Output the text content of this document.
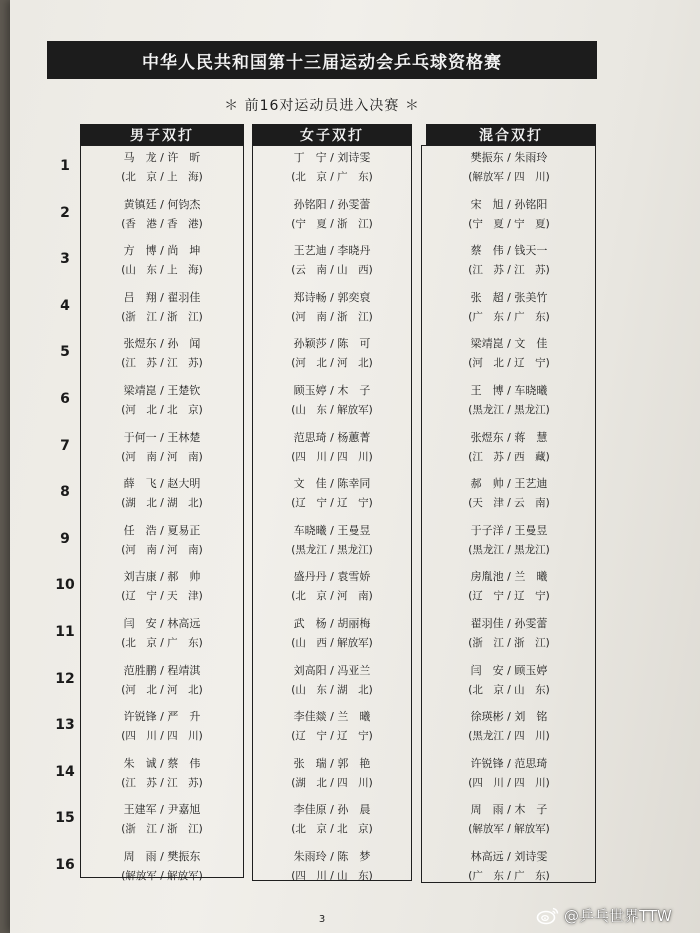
中华人民共和国第十三届运动会乒乓球资格赛
＊ 前16对运动员进入决赛 ＊
男子双打	女子双打	混合双打
1
马　龙 / 许　昕
(北　京 / 上　海)
丁　宁 / 刘诗雯
(北　京 / 广　东)
樊振东 / 朱雨玲
(解放军 / 四　川)
2
黄镇廷 / 何钧杰
(香　港 / 香　港)
孙铭阳 / 孙雯蕾
(宁　夏 / 浙　江)
宋　旭 / 孙铭阳
(宁　夏 / 宁　夏)
3
方　博 / 尚　坤
(山　东 / 上　海)
王艺迪 / 李晓丹
(云　南 / 山　西)
蔡　伟 / 钱天一
(江　苏 / 江　苏)
4
吕　翔 / 翟羽佳
(浙　江 / 浙　江)
郑诗畅 / 郭奕裒
(河　南 / 浙　江)
张　超 / 张美竹
(广　东 / 广　东)
5
张煜东 / 孙　闻
(江　苏 / 江　苏)
孙颖莎 / 陈　可
(河　北 / 河　北)
梁靖崑 / 文　佳
(河　北 / 辽　宁)
6
梁靖崑 / 王楚钦
(河　北 / 北　京)
顾玉婷 / 木　子
(山　东 / 解放军)
王　博 / 车晓曦
(黑龙江 / 黑龙江)
7
于何一 / 王林楚
(河　南 / 河　南)
范思琦 / 杨蕙菁
(四　川 / 四　川)
张煜东 / 蒋　慧
(江　苏 / 西　藏)
8
薛　飞 / 赵大明
(湖　北 / 湖　北)
文　佳 / 陈幸同
(辽　宁 / 辽　宁)
郝　帅 / 王艺迪
(天　津 / 云　南)
9
任　浩 / 夏易正
(河　南 / 河　南)
车晓曦 / 王曼昱
(黑龙江 / 黑龙江)
于子洋 / 王曼昱
(黑龙江 / 黑龙江)
10
刘吉康 / 郝　帅
(辽　宁 / 天　津)
盛丹丹 / 袁雪娇
(北　京 / 河　南)
房胤池 / 兰　曦
(辽　宁 / 辽　宁)
11
闫　安 / 林高远
(北　京 / 广　东)
武　杨 / 胡丽梅
(山　西 / 解放军)
翟羽佳 / 孙雯蕾
(浙　江 / 浙　江)
12
范胜鹏 / 程靖淇
(河　北 / 河　北)
刘高阳 / 冯亚兰
(山　东 / 湖　北)
闫　安 / 顾玉婷
(北　京 / 山　东)
13
许锐锋 / 严　升
(四　川 / 四　川)
李佳燚 / 兰　曦
(辽　宁 / 辽　宁)
徐瑛彬 / 刘　铭
(黑龙江 / 四　川)
14
朱　诚 / 蔡　伟
(江　苏 / 江　苏)
张　瑞 / 郭　艳
(湖　北 / 四　川)
许锐锋 / 范思琦
(四　川 / 四　川)
15
王建军 / 尹嘉旭
(浙　江 / 浙　江)
李佳原 / 孙　晨
(北　京 / 北　京)
周　雨 / 木　子
(解放军 / 解放军)
16
周　雨 / 樊振东
(解放军 / 解放军)
朱雨玲 / 陈　梦
(四　川 / 山　东)
林高远 / 刘诗雯
(广　东 / 广　东)
3	@乒乓世界TTW
